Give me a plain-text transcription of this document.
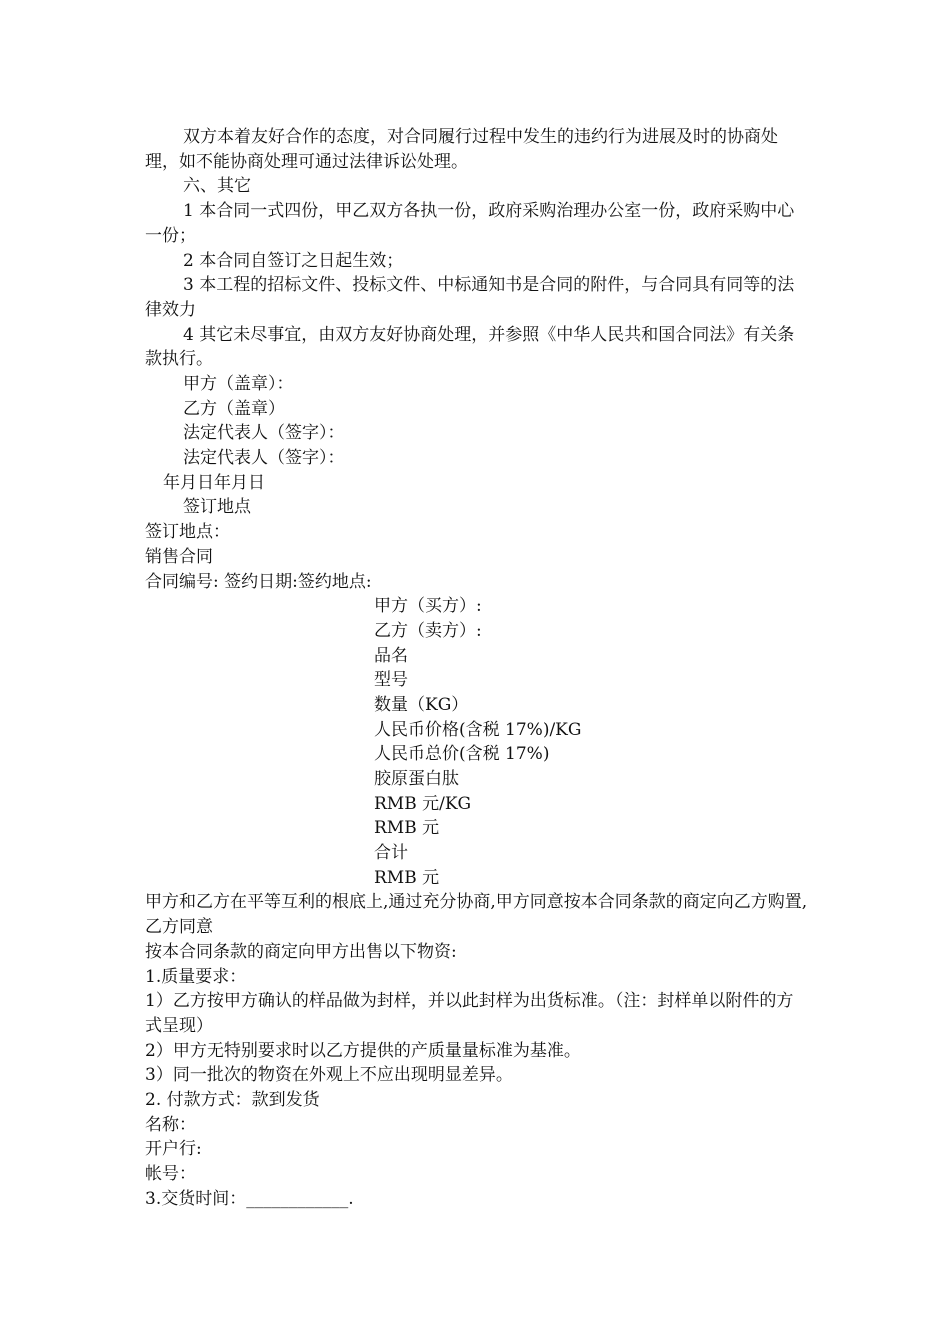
双方本着友好合作的态度，对合同履行过程中发生的违约行为进展及时的协商处理，如不能协商处理可通过法律诉讼处理。
六、其它
1 本合同一式四份，甲乙双方各执一份，政府采购治理办公室一份，政府采购中心一份；
2 本合同自签订之日起生效；
3 本工程的招标文件、投标文件、中标通知书是合同的附件，与合同具有同等的法律效力
4 其它未尽事宜，由双方友好协商处理，并参照《中华人民共和国合同法》有关条款执行。
甲方（盖章）：
乙方（盖章）
法定代表人（签字）：
法定代表人（签字）：
年月日年月日
签订地点
签订地点：
销售合同
合同编号: 签约日期:签约地点:
甲方（买方）:
乙方（卖方）:
品名
型号
数量（KG）
人民币价格(含税 17%)/KG
人民币总价(含税 17%)
胶原蛋白肽
RMB 元/KG
RMB 元
合计
RMB 元
甲方和乙方在平等互利的根底上,通过充分协商,甲方同意按本合同条款的商定向乙方购置,乙方同意
按本合同条款的商定向甲方出售以下物资:
1.质量要求：
1）乙方按甲方确认的样品做为封样，并以此封样为出货标准。（注：封样单以附件的方式呈现）
2）甲方无特别要求时以乙方提供的产质量量标准为基准。
3）同一批次的物资在外观上不应出现明显差异。
2. 付款方式：款到发货
名称：
开户行:
帐号：
3.交货时间：____________.
